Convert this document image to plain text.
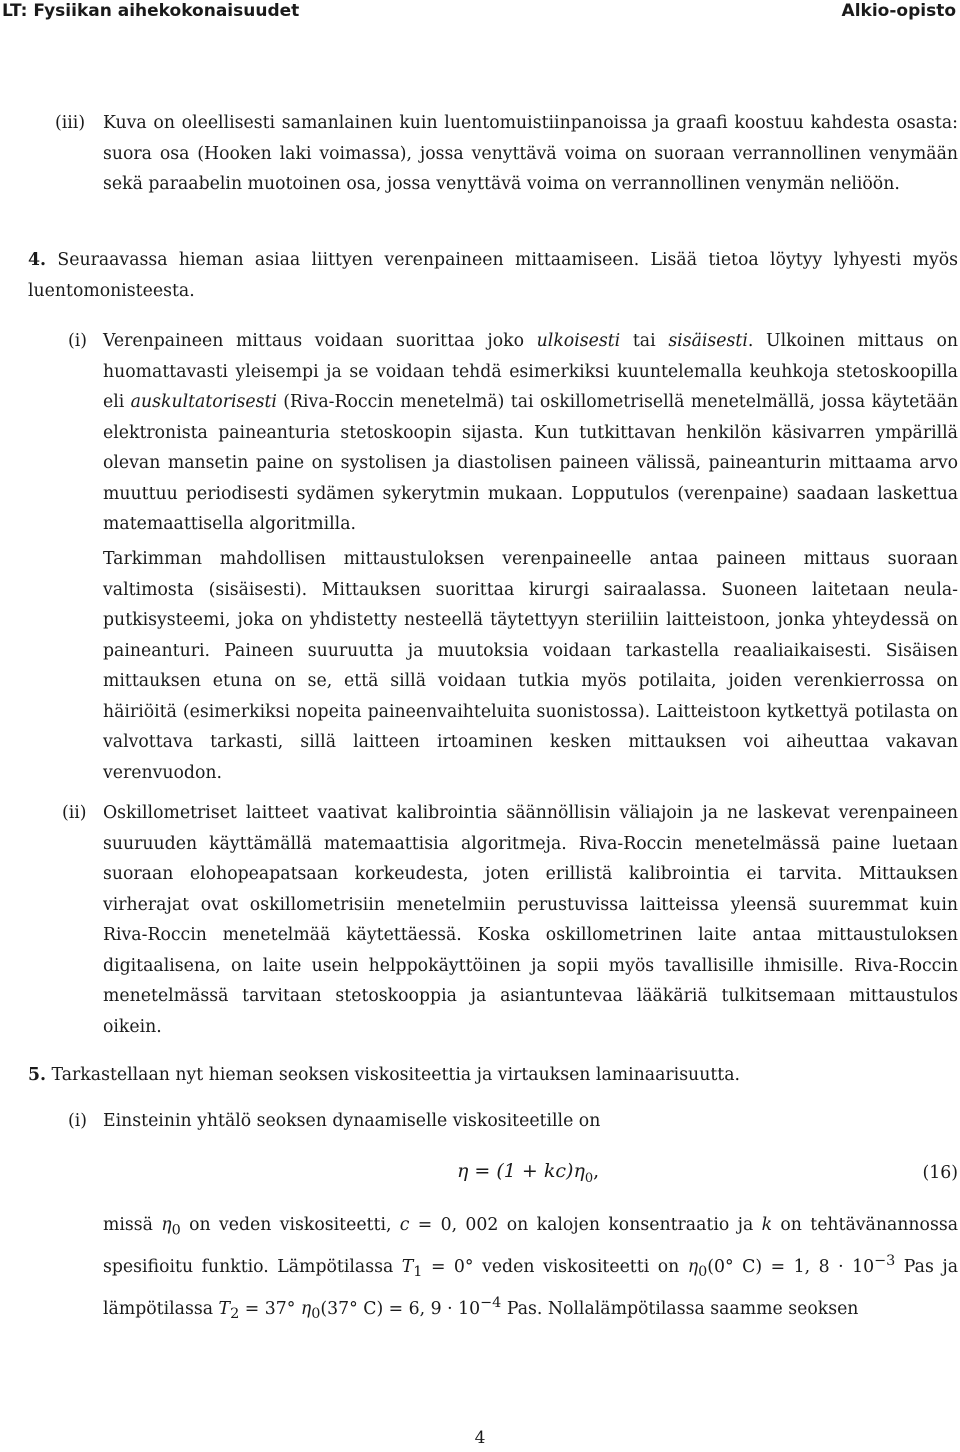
LT: Fysiikan aihekokonaisuudet	Alkio-opisto
(iii) Kuva on oleellisesti samanlainen kuin luentomuistiinpanoissa ja graafi koostuu kahdesta osasta: suora osa (Hooken laki voimassa), jossa venyttävä voima on suoraan verrannollinen venymään sekä paraabelin muotoinen osa, jossa venyttävä voima on verrannollinen venymän neliöön.
4. Seuraavassa hieman asiaa liittyen verenpaineen mittaamiseen. Lisää tietoa löytyy lyhyesti myös luentomonisteesta.
(i) Verenpaineen mittaus voidaan suorittaa joko ulkoisesti tai sisäisesti. Ulkoinen mittaus on huomattavasti yleisempi ja se voidaan tehdä esimerkiksi kuuntelemalla keuhkoja stetoskoopilla eli auskultatorisesti (Riva-Roccin menetelmä) tai oskillometrisellä menetelmällä, jossa käytetään elektronista paineanturia stetoskoopin sijasta. Kun tutkittavan henkilön käsivarren ympärillä olevan mansetin paine on systolisen ja diastolisen paineen välissä, paineanturin mittaama arvo muuttuu periodisesti sydämen sykerytmin mukaan. Lopputulos (verenpaine) saadaan laskettua matemaattisella algoritmilla.
Tarkimman mahdollisen mittaustuloksen verenpaineelle antaa paineen mittaus suoraan valtimosta (sisäisesti). Mittauksen suorittaa kirurgi sairaalassa. Suoneen laitetaan neula-putkisysteemi, joka on yhdistetty nesteellä täytettyyn steriiliin laitteistoon, jonka yhteydessä on paineanturi. Paineen suuruutta ja muutoksia voidaan tarkastella reaaliaikaisesti. Sisäisen mittauksen etuna on se, että sillä voidaan tutkia myös potilaita, joiden verenkierrossa on häiriöitä (esimerkiksi nopeita paineenvaihteluita suonistossa). Laitteistoon kytkettyä potilasta on valvottava tarkasti, sillä laitteen irtoaminen kesken mittauksen voi aiheuttaa vakavan verenvuodon.
(ii) Oskillometriset laitteet vaativat kalibrointia säännöllisin väliajoin ja ne laskevat verenpaineen suuruuden käyttämällä matemaattisia algoritmeja. Riva-Roccin menetelmässä paine luetaan suoraan elohopeapatsaan korkeudesta, joten erillistä kalibrointia ei tarvita. Mittauksen virherajat ovat oskillometrisiin menetelmiin perustuvissa laitteissa yleensä suuremmat kuin Riva-Roccin menetelmää käytettäessä. Koska oskillometrinen laite antaa mittaustuloksen digitaalisena, on laite usein helppokäyttöinen ja sopii myös tavallisille ihmisille. Riva-Roccin menetelmässä tarvitaan stetoskooppia ja asiantuntevaa lääkäriä tulkitsemaan mittaustulos oikein.
5. Tarkastellaan nyt hieman seoksen viskositeettia ja virtauksen laminaarisuutta.
(i) Einsteinin yhtälö seoksen dynaamiselle viskositeetille on
$\eta = (1 + kc)\eta_0$,	(16)
missä $\eta_0$ on veden viskositeetti, c = 0, 002 on kalojen konsentraatio ja k on tehtävänannossa spesifioitu funktio. Lämpötilassa $T_1 = 0^\circ$ veden viskositeetti on $\eta_0(0^\circ$ C) = 1, $8 \cdot 10^{-3}$ Pas ja lämpötilassa $T_2 = 37^\circ$ $\eta_0(37^\circ$ C) = 6, $9 \cdot 10^{-4}$ Pas. Nollalämpötilassa saamme seoksen
4
